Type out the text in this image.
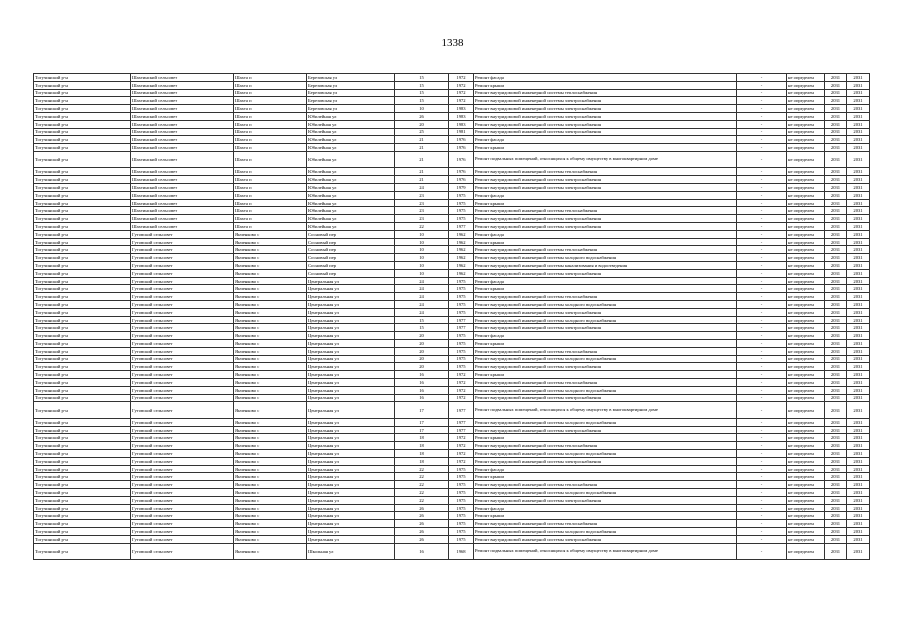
1338
Тогучинский р-н	Шахтинский сельсовет	Шахта п	Березовская ул	15	1972	Ремонт фасада	-	не определен	2031	2031
Тогучинский р-н	Шахтинский сельсовет	Шахта п	Березовская ул	15	1972	Ремонт крыши	-	не определен	2031	2031
Тогучинский р-н	Шахтинский сельсовет	Шахта п	Березовская ул	15	1972	Ремонт внутридомовой инженерной системы теплоснабжения	-	не определен	2031	2031
Тогучинский р-н	Шахтинский сельсовет	Шахта п	Березовская ул	15	1972	Ремонт внутридомовой инженерной системы электроснабжения	-	не определен	2031	2031
Тогучинский р-н	Шахтинский сельсовет	Шахта п	Березовская ул	10	1983	Ремонт внутридомовой инженерной системы электроснабжения	-	не определен	2031	2031
Тогучинский р-н	Шахтинский сельсовет	Шахта п	Юбилейная ул	26	1983	Ремонт внутридомовой инженерной системы электроснабжения	-	не определен	2031	2031
Тогучинский р-н	Шахтинский сельсовет	Шахта п	Юбилейная ул	20	1983	Ремонт внутридомовой инженерной системы электроснабжения	-	не определен	2031	2031
Тогучинский р-н	Шахтинский сельсовет	Шахта п	Юбилейная ул	25	1981	Ремонт внутридомовой инженерной системы электроснабжения	-	не определен	2031	2031
Тогучинский р-н	Шахтинский сельсовет	Шахта п	Юбилейная ул	21	1976	Ремонт фасада	-	не определен	2031	2031
Тогучинский р-н	Шахтинский сельсовет	Шахта п	Юбилейная ул	21	1976	Ремонт крыши	-	не определен	2031	2031
Тогучинский р-н	Шахтинский сельсовет	Шахта п	Юбилейная ул	21	1976	Ремонт подвальных помещений, относящихся к общему имуществу в многоквартирном доме	-	не определен	2031	2031
Тогучинский р-н	Шахтинский сельсовет	Шахта п	Юбилейная ул	21	1976	Ремонт внутридомовой инженерной системы теплоснабжения	-	не определен	2031	2031
Тогучинский р-н	Шахтинский сельсовет	Шахта п	Юбилейная ул	21	1976	Ремонт внутридомовой инженерной системы электроснабжения	-	не определен	2031	2031
Тогучинский р-н	Шахтинский сельсовет	Шахта п	Юбилейная ул	24	1979	Ремонт внутридомовой инженерной системы электроснабжения	-	не определен	2031	2031
Тогучинский р-н	Шахтинский сельсовет	Шахта п	Юбилейная ул	23	1975	Ремонт фасада	-	не определен	2031	2031
Тогучинский р-н	Шахтинский сельсовет	Шахта п	Юбилейная ул	23	1975	Ремонт крыши	-	не определен	2031	2031
Тогучинский р-н	Шахтинский сельсовет	Шахта п	Юбилейная ул	23	1975	Ремонт внутридомовой инженерной системы теплоснабжения	-	не определен	2031	2031
Тогучинский р-н	Шахтинский сельсовет	Шахта п	Юбилейная ул	23	1975	Ремонт внутридомовой инженерной системы электроснабжения	-	не определен	2031	2031
Тогучинский р-н	Шахтинский сельсовет	Шахта п	Юбилейная ул	22	1977	Ремонт внутридомовой инженерной системы электроснабжения	-	не определен	2031	2031
Тогучинский р-н	Гутовский сельсовет	Янченково с	Сосновый пер	10	1962	Ремонт фасада	-	не определен	2031	2031
Тогучинский р-н	Гутовский сельсовет	Янченково с	Сосновый пер	10	1962	Ремонт крыши	-	не определен	2031	2031
Тогучинский р-н	Гутовский сельсовет	Янченково с	Сосновый пер	10	1962	Ремонт внутридомовой инженерной системы теплоснабжения	-	не определен	2031	2031
Тогучинский р-н	Гутовский сельсовет	Янченково с	Сосновый пер	10	1962	Ремонт внутридомовой инженерной системы холодного водоснабжения	-	не определен	2031	2031
Тогучинский р-н	Гутовский сельсовет	Янченково с	Сосновый пер	10	1962	Ремонт внутридомовой инженерной системы канализования и водоотведения	-	не определен	2031	2031
Тогучинский р-н	Гутовский сельсовет	Янченково с	Сосновый пер	10	1962	Ремонт внутридомовой инженерной системы электроснабжения	-	не определен	2031	2031
Тогучинский р-н	Гутовский сельсовет	Янченково с	Центральная ул	24	1975	Ремонт фасада	-	не определен	2031	2031
Тогучинский р-н	Гутовский сельсовет	Янченково с	Центральная ул	24	1975	Ремонт крыши	-	не определен	2031	2031
Тогучинский р-н	Гутовский сельсовет	Янченково с	Центральная ул	24	1975	Ремонт внутридомовой инженерной системы теплоснабжения	-	не определен	2031	2031
Тогучинский р-н	Гутовский сельсовет	Янченково с	Центральная ул	24	1975	Ремонт внутридомовой инженерной системы холодного водоснабжения	-	не определен	2031	2031
Тогучинский р-н	Гутовский сельсовет	Янченково с	Центральная ул	24	1975	Ремонт внутридомовой инженерной системы электроснабжения	-	не определен	2031	2031
Тогучинский р-н	Гутовский сельсовет	Янченково с	Центральная ул	15	1977	Ремонт внутридомовой инженерной системы холодного водоснабжения	-	не определен	2031	2031
Тогучинский р-н	Гутовский сельсовет	Янченково с	Центральная ул	15	1977	Ремонт внутридомовой инженерной системы электроснабжения	-	не определен	2031	2031
Тогучинский р-н	Гутовский сельсовет	Янченково с	Центральная ул	20	1975	Ремонт фасада	-	не определен	2031	2031
Тогучинский р-н	Гутовский сельсовет	Янченково с	Центральная ул	20	1975	Ремонт крыши	-	не определен	2031	2031
Тогучинский р-н	Гутовский сельсовет	Янченково с	Центральная ул	20	1975	Ремонт внутридомовой инженерной системы теплоснабжения	-	не определен	2031	2031
Тогучинский р-н	Гутовский сельсовет	Янченково с	Центральная ул	20	1975	Ремонт внутридомовой инженерной системы холодного водоснабжения	-	не определен	2031	2031
Тогучинский р-н	Гутовский сельсовет	Янченково с	Центральная ул	20	1975	Ремонт внутридомовой инженерной системы электроснабжения	-	не определен	2031	2031
Тогучинский р-н	Гутовский сельсовет	Янченково с	Центральная ул	16	1972	Ремонт крыши	-	не определен	2031	2031
Тогучинский р-н	Гутовский сельсовет	Янченково с	Центральная ул	16	1972	Ремонт внутридомовой инженерной системы теплоснабжения	-	не определен	2031	2031
Тогучинский р-н	Гутовский сельсовет	Янченково с	Центральная ул	16	1972	Ремонт внутридомовой инженерной системы холодного водоснабжения	-	не определен	2031	2031
Тогучинский р-н	Гутовский сельсовет	Янченково с	Центральная ул	16	1972	Ремонт внутридомовой инженерной системы электроснабжения	-	не определен	2031	2031
Тогучинский р-н	Гутовский сельсовет	Янченково с	Центральная ул	17	1977	Ремонт подвальных помещений, относящихся к общему имуществу в многоквартирном доме	-	не определен	2031	2031
Тогучинский р-н	Гутовский сельсовет	Янченково с	Центральная ул	17	1977	Ремонт внутридомовой инженерной системы холодного водоснабжения	-	не определен	2031	2031
Тогучинский р-н	Гутовский сельсовет	Янченково с	Центральная ул	17	1977	Ремонт внутридомовой инженерной системы электроснабжения	-	не определен	2031	2031
Тогучинский р-н	Гутовский сельсовет	Янченково с	Центральная ул	18	1972	Ремонт крыши	-	не определен	2031	2031
Тогучинский р-н	Гутовский сельсовет	Янченково с	Центральная ул	18	1972	Ремонт внутридомовой инженерной системы теплоснабжения	-	не определен	2031	2031
Тогучинский р-н	Гутовский сельсовет	Янченково с	Центральная ул	18	1972	Ремонт внутридомовой инженерной системы холодного водоснабжения	-	не определен	2031	2031
Тогучинский р-н	Гутовский сельсовет	Янченково с	Центральная ул	18	1972	Ремонт внутридомовой инженерной системы электроснабжения	-	не определен	2031	2031
Тогучинский р-н	Гутовский сельсовет	Янченково с	Центральная ул	22	1975	Ремонт фасада	-	не определен	2031	2031
Тогучинский р-н	Гутовский сельсовет	Янченково с	Центральная ул	22	1975	Ремонт крыши	-	не определен	2031	2031
Тогучинский р-н	Гутовский сельсовет	Янченково с	Центральная ул	22	1975	Ремонт внутридомовой инженерной системы теплоснабжения	-	не определен	2031	2031
Тогучинский р-н	Гутовский сельсовет	Янченково с	Центральная ул	22	1975	Ремонт внутридомовой инженерной системы холодного водоснабжения	-	не определен	2031	2031
Тогучинский р-н	Гутовский сельсовет	Янченково с	Центральная ул	22	1975	Ремонт внутридомовой инженерной системы электроснабжения	-	не определен	2031	2031
Тогучинский р-н	Гутовский сельсовет	Янченково с	Центральная ул	26	1975	Ремонт фасада	-	не определен	2031	2031
Тогучинский р-н	Гутовский сельсовет	Янченково с	Центральная ул	26	1975	Ремонт крыши	-	не определен	2031	2031
Тогучинский р-н	Гутовский сельсовет	Янченково с	Центральная ул	26	1975	Ремонт внутридомовой инженерной системы теплоснабжения	-	не определен	2031	2031
Тогучинский р-н	Гутовский сельсовет	Янченково с	Центральная ул	26	1975	Ремонт внутридомовой инженерной системы холодного водоснабжения	-	не определен	2031	2031
Тогучинский р-н	Гутовский сельсовет	Янченково с	Центральная ул	26	1975	Ремонт внутридомовой инженерной системы электроснабжения	-	не определен	2031	2031
Тогучинский р-н	Гутовский сельсовет	Янченково с	Школьная ул	16	1968	Ремонт подвальных помещений, относящихся к общему имуществу в многоквартирном доме	-	не определен	2031	2031
